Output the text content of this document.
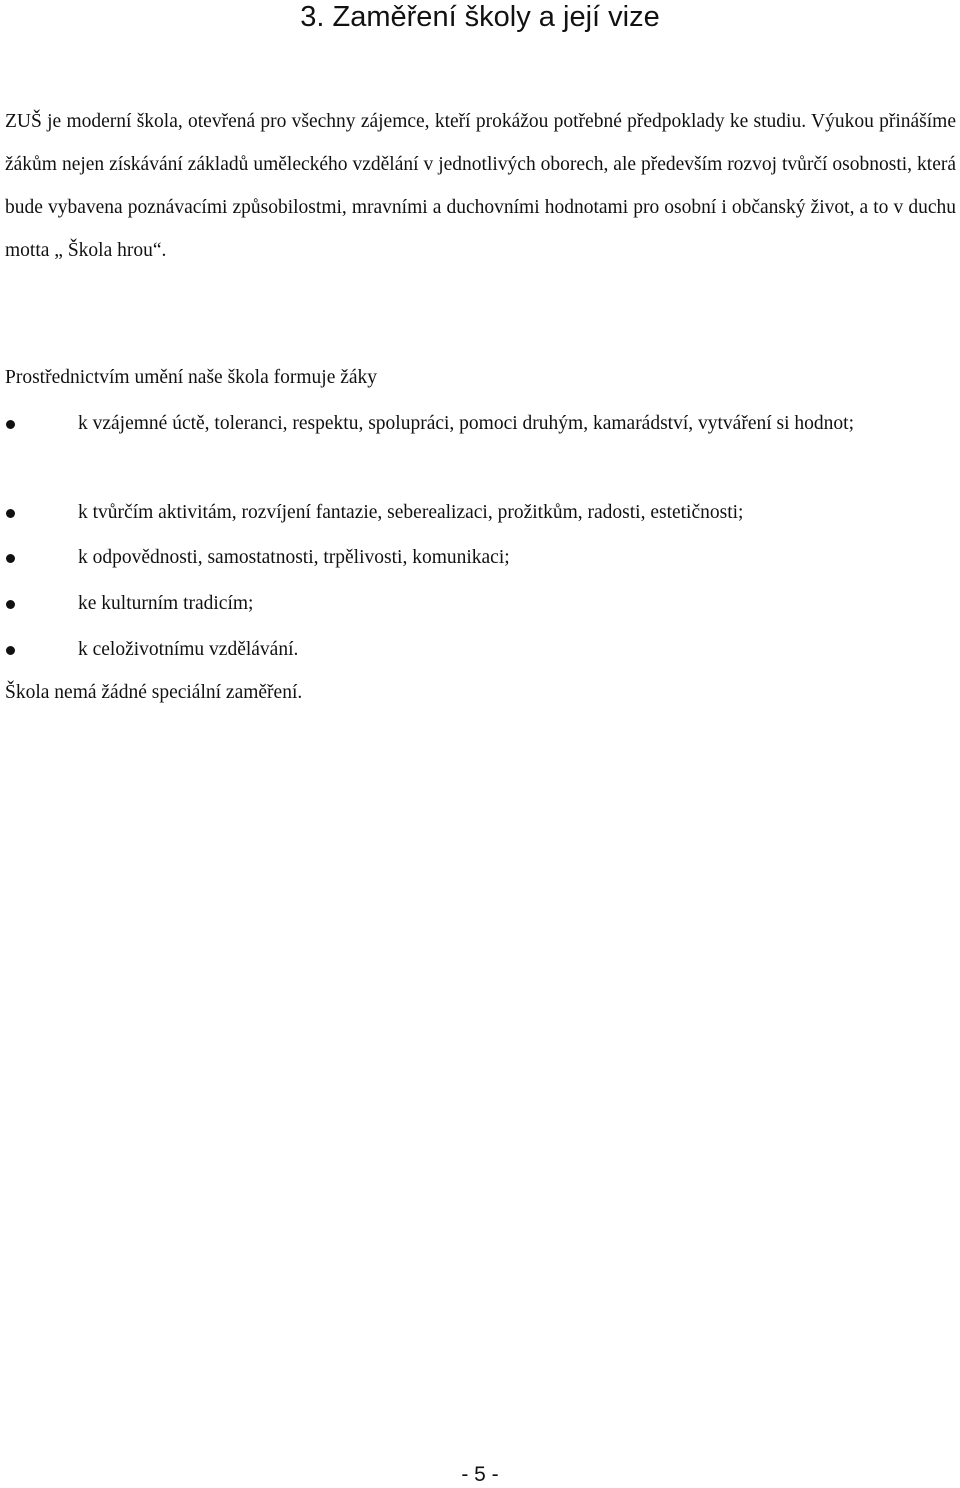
3. Zaměření školy a její vize

ZUŠ je moderní škola, otevřená pro všechny zájemce, kteří prokážou potřebné předpoklady ke studiu. Výukou přinášíme žákům nejen získávání základů uměleckého vzdělání v jednotlivých oborech, ale především rozvoj tvůrčí osobnosti, která bude vybavena poznávacími způsobilostmi, mravními a duchovními hodnotami pro osobní i občanský život, a to v duchu motta „ Škola hrou“.

Prostřednictvím umění naše škola formuje žáky

k vzájemné úctě, toleranci, respektu, spolupráci, pomoci druhým, kamarádství, vytváření si hodnot;
k tvůrčím aktivitám, rozvíjení fantazie, seberealizaci, prožitkům, radosti, estetičnosti;
k odpovědnosti, samostatnosti, trpělivosti, komunikaci;
ke kulturním tradicím;
k celoživotnímu vzdělávání.

Škola nemá žádné speciální zaměření.

- 5 -
